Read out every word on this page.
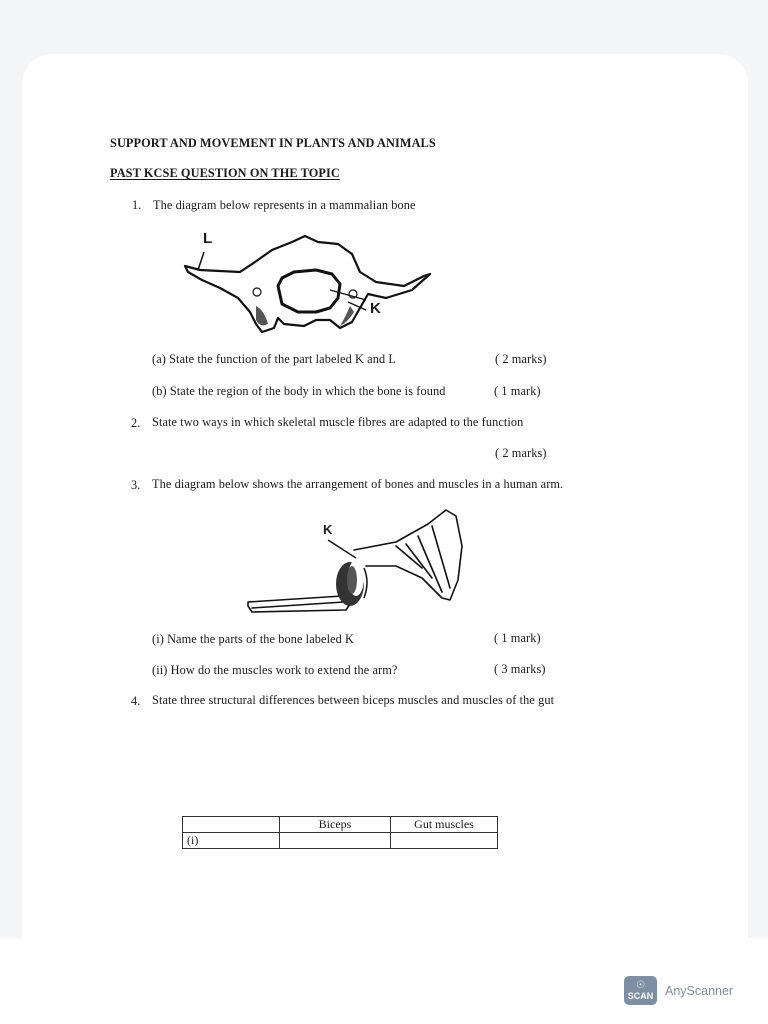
SUPPORT AND MOVEMENT IN PLANTS AND ANIMALS
PAST KCSE QUESTION ON THE TOPIC
1. The diagram below represents in a mammalian bone
L
K
(a) State the function of the part labeled K and L	( 2 marks)
(b) State the region of the body in which the bone is found	( 1 mark)
2. State two ways in which skeletal muscle fibres are adapted to the function
( 2 marks)
3. The diagram below shows the arrangement of bones and muscles in a human arm.
K
(i) Name the parts of the bone labeled K	( 1 mark)
(ii) How do the muscles work to extend the arm?	( 3 marks)
4. State three structural differences between biceps muscles and muscles of the gut
	Biceps	Gut muscles
(i)		
☉
SCAN AnyScanner
